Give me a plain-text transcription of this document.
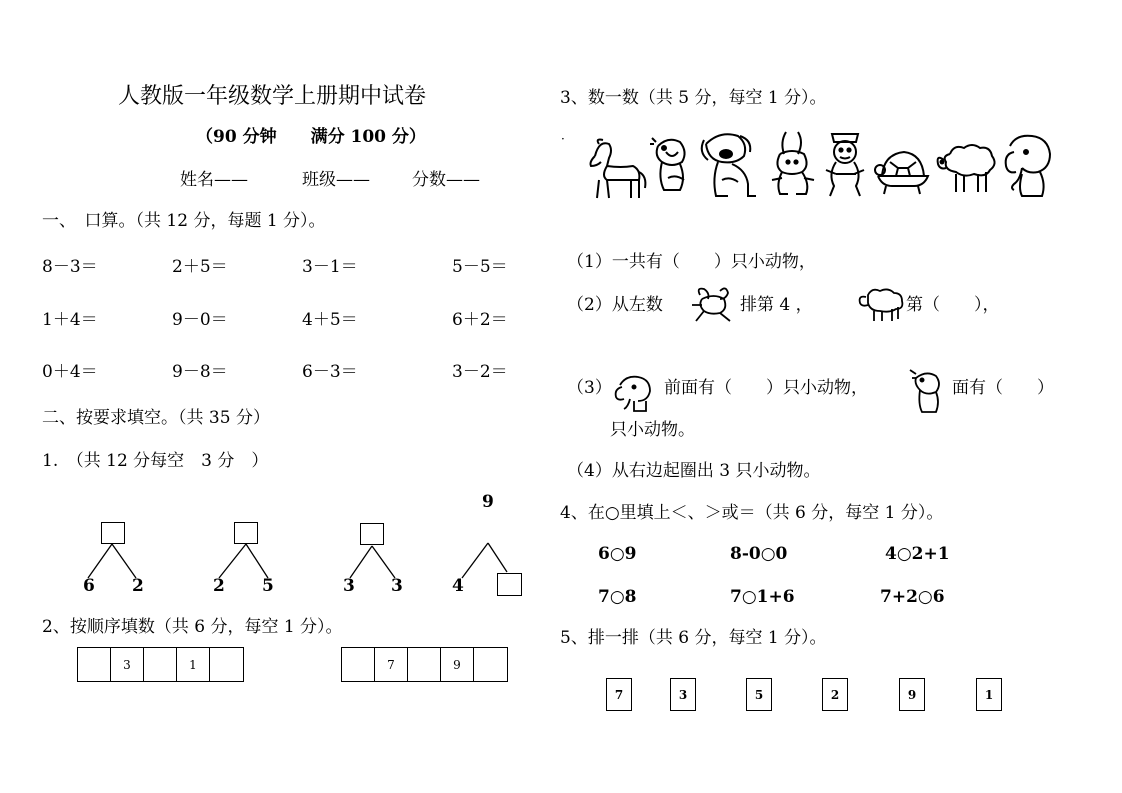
人教版一年级数学上册期中试卷
（90 分钟　　满分 100 分）
姓名——	班级—— 分数——
一、　口算。（共 12 分，每题 1 分）。
8－3＝	2＋5＝	3－1＝	5－5＝
1＋4＝	9－0＝	4＋5＝	6＋2＝
0＋4＝	9－8＝	6－3＝	3－2＝
二、按要求填空。（共 35 分）
1.　（共 12 分每空　3 分　）
6 2	2 5	3 3
9
4
2、按顺序填数（共 6 分，每空 1 分）。
3	1	7	9
3、数一数（共 5 分，每空 1 分）。
·
（1）一共有（　　）只小动物，
（2）从左数	排第 4 ，	第（　　），
（3）	前面有（　　）只小动物，	面有（　　）
只小动物。
（4）从右边起圈出 3 只小动物。
4、在○里填上＜、＞或＝（共 6 分，每空 1 分）。
6○9	8-0○0	4○2+1
7○8	7○1+6	7+2○6
5、排一排（共 6 分，每空 1 分）。
7	3	5	2	9	1
